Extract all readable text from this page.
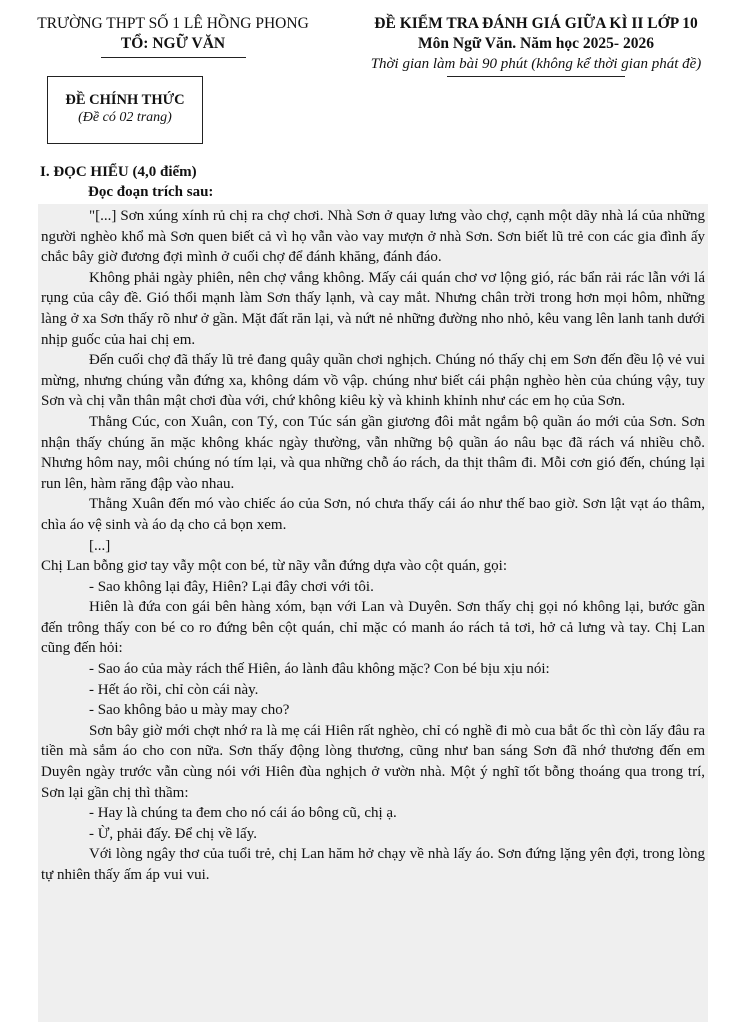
TRƯỜNG THPT SỐ 1 LÊ HỒNG PHONG
TỔ: NGỮ VĂN
ĐỀ CHÍNH THỨC
(Đề có 02 trang)
ĐỀ KIỂM TRA ĐÁNH GIÁ GIỮA KÌ II LỚP 10
Môn Ngữ Văn. Năm học 2025- 2026
Thời gian làm bài 90 phút (không kể thời gian phát đề)
I. ĐỌC HIỂU (4,0 điểm)
Đọc đoạn trích sau:

"[...] Sơn xúng xính rủ chị ra chợ chơi. Nhà Sơn ở quay lưng vào chợ, cạnh một dãy nhà lá của những người nghèo khổ mà Sơn quen biết cả vì họ vẫn vào vay mượn ở nhà Sơn. Sơn biết lũ trẻ con các gia đình ấy chắc bây giờ đương đợi mình ở cuối chợ để đánh khăng, đánh đáo.

Không phải ngày phiên, nên chợ vắng không. Mấy cái quán chơ vơ lộng gió, rác bẩn rải rác lẫn với lá rụng của cây đề. Gió thổi mạnh làm Sơn thấy lạnh, và cay mắt. Nhưng chân trời trong hơn mọi hôm, những làng ở xa Sơn thấy rõ như ở gần. Mặt đất răn lại, và nứt nẻ những đường nho nhỏ, kêu vang lên lanh tanh dưới nhịp guốc của hai chị em.

Đến cuối chợ đã thấy lũ trẻ đang quây quần chơi nghịch. Chúng nó thấy chị em Sơn đến đều lộ vẻ vui mừng, nhưng chúng vẫn đứng xa, không dám vồ vập. chúng như biết cái phận nghèo hèn của chúng vậy, tuy Sơn và chị vẫn thân mật chơi đùa với, chứ không kiêu kỳ và khinh khỉnh như các em họ của Sơn.

Thằng Cúc, con Xuân, con Tý, con Túc sán gần giương đôi mắt ngắm bộ quần áo mới của Sơn. Sơn nhận thấy chúng ăn mặc không khác ngày thường, vẫn những bộ quần áo nâu bạc đã rách vá nhiều chỗ. Nhưng hôm nay, môi chúng nó tím lại, và qua những chỗ áo rách, da thịt thâm đi. Mỗi cơn gió đến, chúng lại run lên, hàm răng đập vào nhau.

Thằng Xuân đến mó vào chiếc áo của Sơn, nó chưa thấy cái áo như thế bao giờ. Sơn lật vạt áo thâm, chìa áo vệ sinh và áo dạ cho cả bọn xem.

[...]

Chị Lan bỗng giơ tay vẫy một con bé, từ nãy vẫn đứng dựa vào cột quán, gọi:

- Sao không lại đây, Hiên? Lại đây chơi với tôi.

Hiên là đứa con gái bên hàng xóm, bạn với Lan và Duyên. Sơn thấy chị gọi nó không lại, bước gần đến trông thấy con bé co ro đứng bên cột quán, chỉ mặc có manh áo rách tả tơi, hở cả lưng và tay. Chị Lan cũng đến hỏi:

- Sao áo của mày rách thế Hiên, áo lành đâu không mặc? Con bé bịu xịu nói:

- Hết áo rồi, chỉ còn cái này.

- Sao không bảo u mày may cho?

Sơn bây giờ mới chợt nhớ ra là mẹ cái Hiên rất nghèo, chỉ có nghề đi mò cua bắt ốc thì còn lấy đâu ra tiền mà sắm áo cho con nữa. Sơn thấy động lòng thương, cũng như ban sáng Sơn đã nhớ thương đến em Duyên ngày trước vẫn cùng nói với Hiên đùa nghịch ở vườn nhà. Một ý nghĩ tốt bỗng thoáng qua trong trí, Sơn lại gần chị thì thầm:

- Hay là chúng ta đem cho nó cái áo bông cũ, chị ạ.

- Ừ, phải đấy. Để chị về lấy.

Với lòng ngây thơ của tuổi trẻ, chị Lan hăm hở chạy về nhà lấy áo. Sơn đứng lặng yên đợi, trong lòng tự nhiên thấy ấm áp vui vui.
